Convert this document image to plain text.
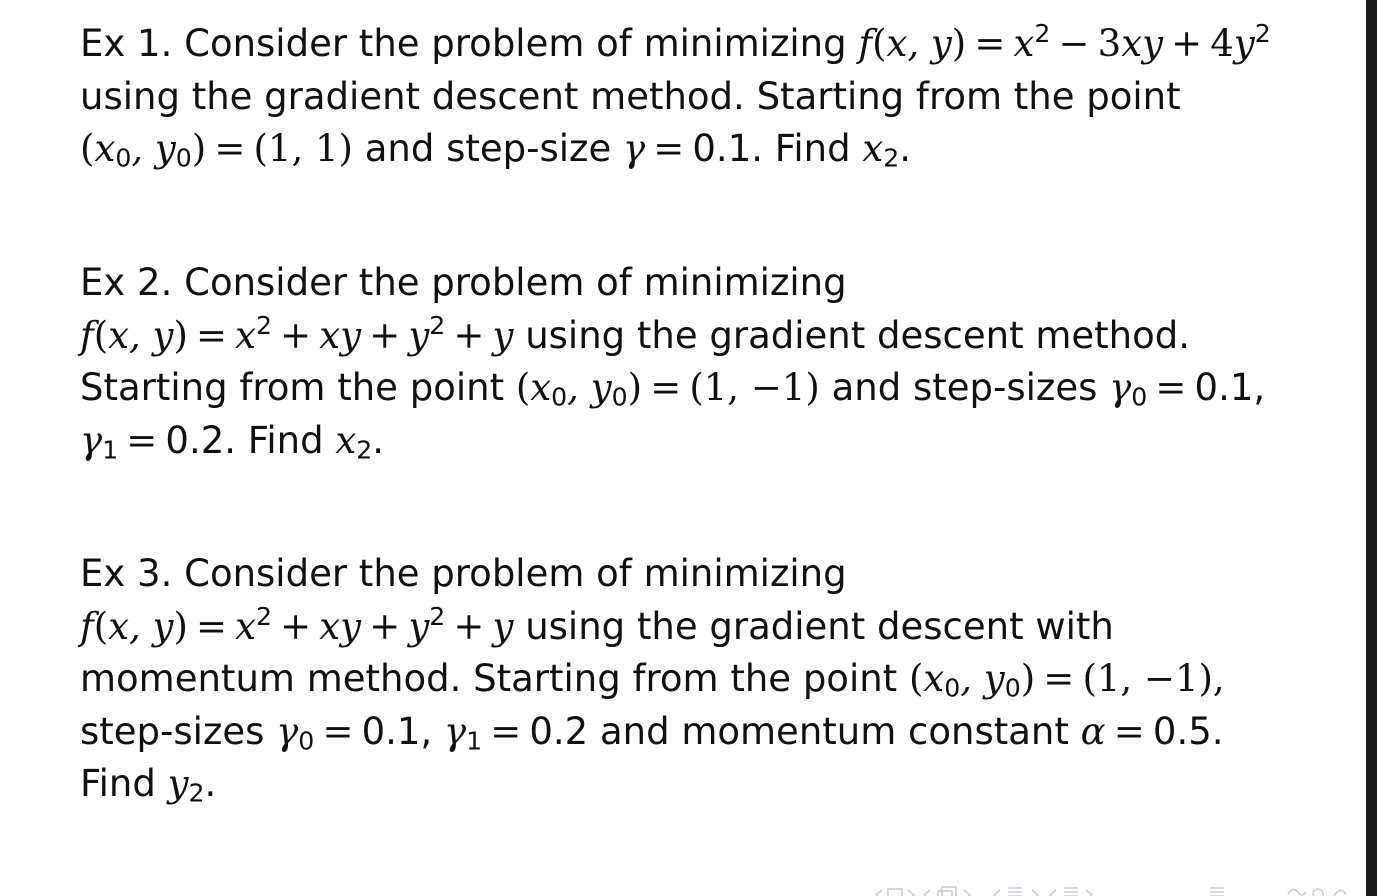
Ex 1. Consider the problem of minimizing f(x, $y) = x^2 - 3xy + 4y^2$
using the gradient descent method. Starting from the point
($x_0$, $y_0) = (1$, 1) and step-size γ = 0.1. Find $x_2$.
Ex 2. Consider the problem of minimizing
f(x, $y) = x^2$ + xy + $y^2 + y$ using the gradient descent method.
Starting from the point ($x_0$, $y_0) = (1$, −1) and step-sizes $\gamma_0 = 0.1$,
$\gamma_1 = 0.2$. Find $x_2$.
Ex 3. Consider the problem of minimizing
f(x, $y) = x^2$ + xy + $y^2 + y$ using the gradient descent with
momentum method. Starting from the point ($x_0$, $y_0) = (1$, −1),
step-sizes $\gamma_0 = 0.1$, $\gamma_1 = 0.2$ and momentum constant α = 0.5.
Find $y_2$.
